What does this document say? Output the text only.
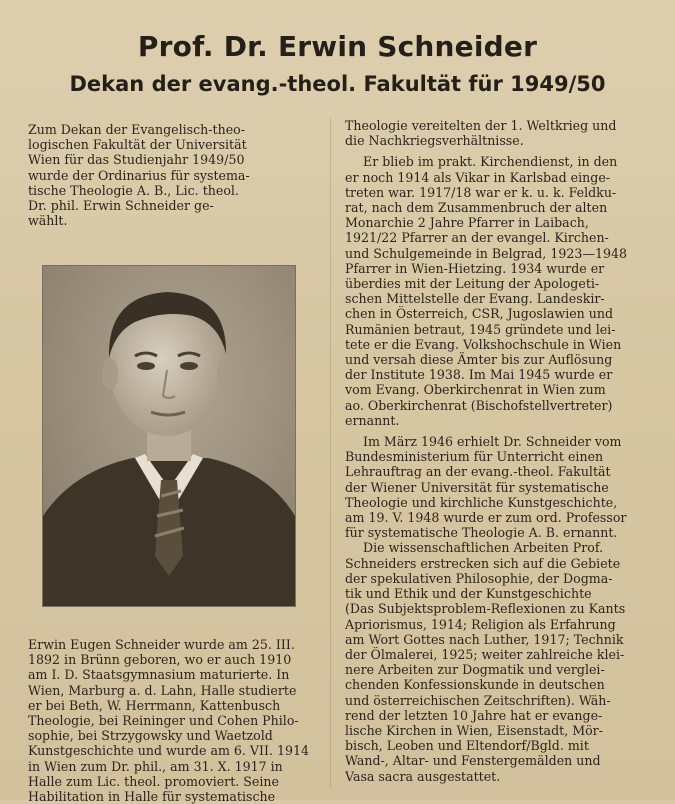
Prof. Dr. Erwin Schneider
Dekan der evang.-theol. Fakultät für 1949/50

Zum Dekan der Evangelisch-theo-
logischen Fakultät der Universität
Wien für das Studienjahr 1949/50
wurde der Ordinarius für systema-
tische Theologie A. B., Lic. theol.
Dr. phil. Erwin Schneider ge-
wählt.

Erwin Eugen Schneider wurde am 25. III.
1892 in Brünn geboren, wo er auch 1910
am I. D. Staatsgymnasium maturierte. In
Wien, Marburg a. d. Lahn, Halle studierte
er bei Beth, W. Herrmann, Kattenbusch
Theologie, bei Reininger und Cohen Philo-
sophie, bei Strzygowsky und Waetzold
Kunstgeschichte und wurde am 6. VII. 1914
in Wien zum Dr. phil., am 31. X. 1917 in
Halle zum Lic. theol. promoviert. Seine
Habilitation in Halle für systematische

Theologie vereitelten der 1. Weltkrieg und
die Nachkriegsverhältnisse.

Er blieb im prakt. Kirchendienst, in den
er noch 1914 als Vikar in Karlsbad einge-
treten war. 1917/18 war er k. u. k. Feldku-
rat, nach dem Zusammenbruch der alten
Monarchie 2 Jahre Pfarrer in Laibach,
1921/22 Pfarrer an der evangel. Kirchen-
und Schulgemeinde in Belgrad, 1923—1948
Pfarrer in Wien-Hietzing. 1934 wurde er
überdies mit der Leitung der Apologeti-
schen Mittelstelle der Evang. Landeskir-
chen in Österreich, CSR, Jugoslawien und
Rumänien betraut, 1945 gründete und lei-
tete er die Evang. Volkshochschule in Wien
und versah diese Ämter bis zur Auflösung
der Institute 1938. Im Mai 1945 wurde er
vom Evang. Oberkirchenrat in Wien zum
ao. Oberkirchenrat (Bischofstellvertreter)
ernannt.

Im März 1946 erhielt Dr. Schneider vom
Bundesministerium für Unterricht einen
Lehrauftrag an der evang.-theol. Fakultät
der Wiener Universität für systematische
Theologie und kirchliche Kunstgeschichte,
am 19. V. 1948 wurde er zum ord. Professor
für systematische Theologie A. B. ernannt.
Die wissenschaftlichen Arbeiten Prof.
Schneiders erstrecken sich auf die Gebiete
der spekulativen Philosophie, der Dogma-
tik und Ethik und der Kunstgeschichte
(Das Subjektsproblem-Reflexionen zu Kants
Apriorismus, 1914; Religion als Erfahrung
am Wort Gottes nach Luther, 1917; Technik
der Ölmalerei, 1925; weiter zahlreiche klei-
nere Arbeiten zur Dogmatik und verglei-
chenden Konfessionskunde in deutschen
und österreichischen Zeitschriften). Wäh-
rend der letzten 10 Jahre hat er evange-
lische Kirchen in Wien, Eisenstadt, Mör-
bisch, Leoben und Eltendorf/Bgld. mit
Wand-, Altar- und Fenstergemälden und
Vasa sacra ausgestattet.
